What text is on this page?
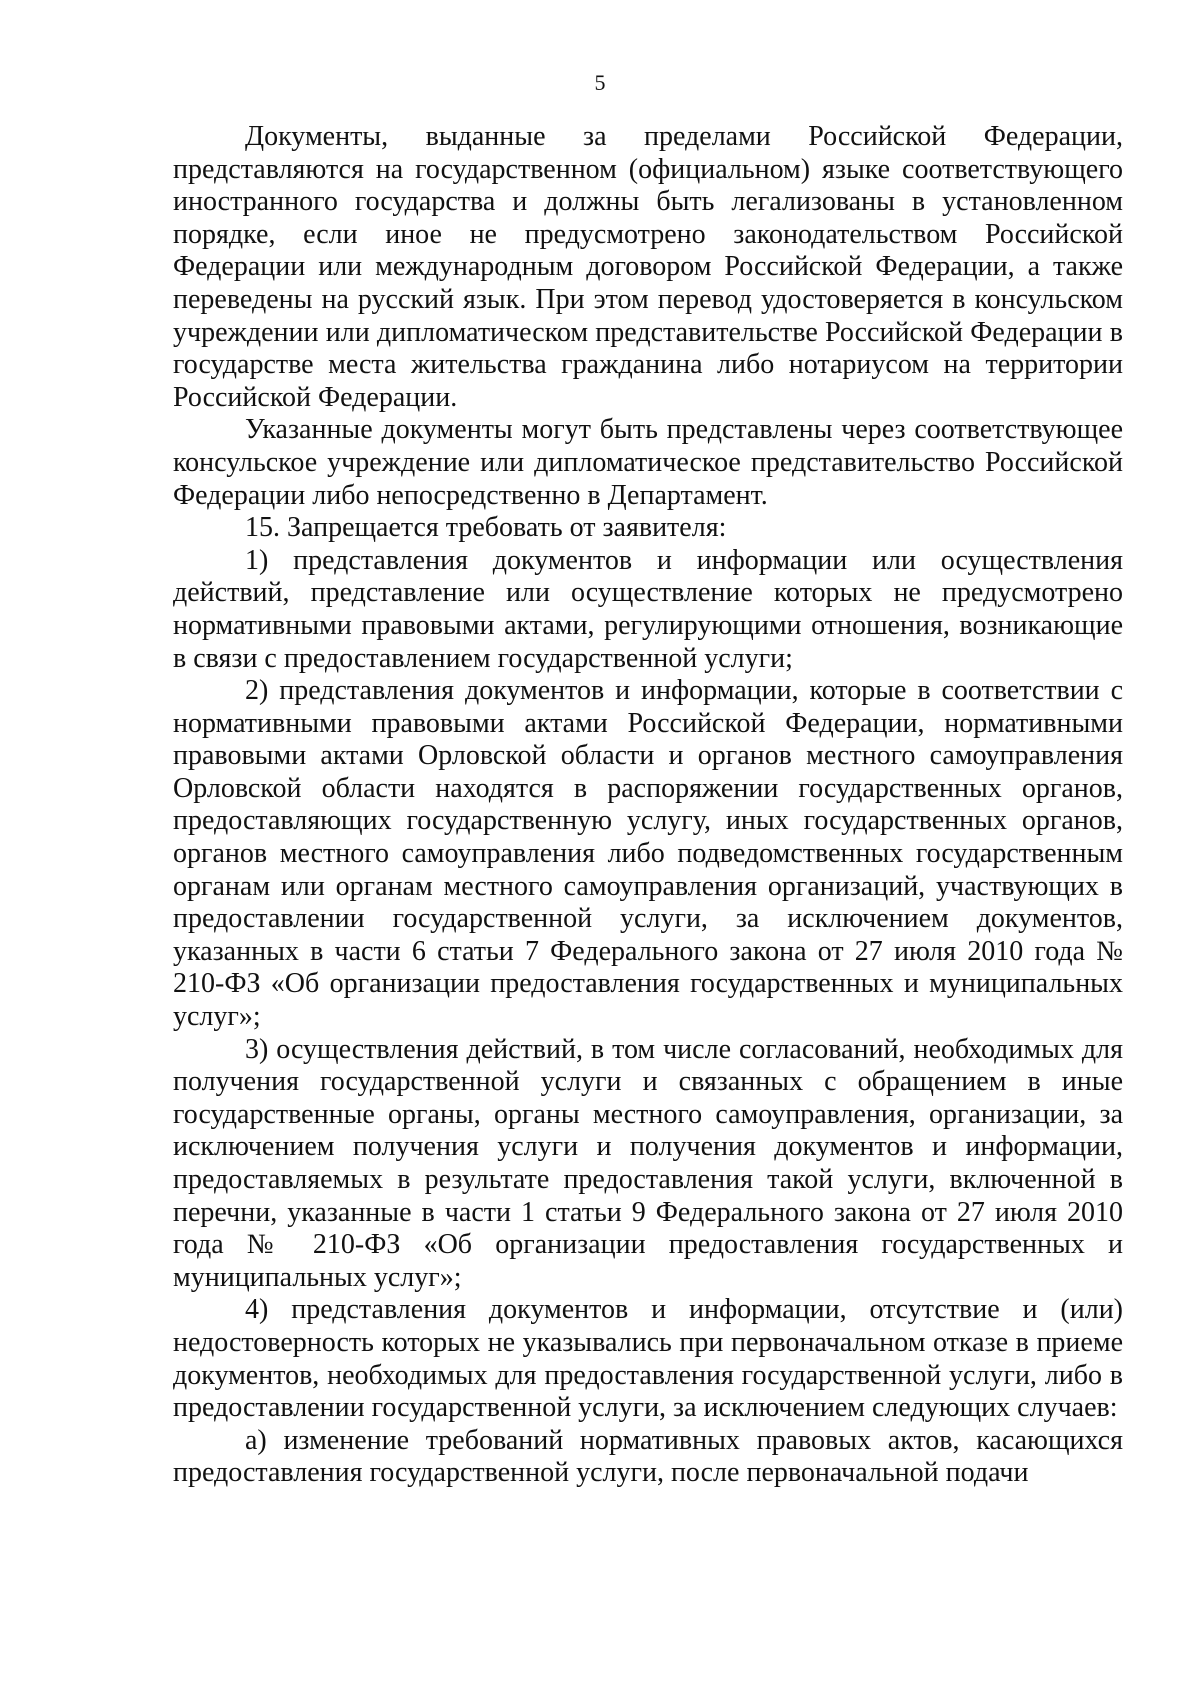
5

Документы, выданные за пределами Российской Федерации, представляются на государственном (официальном) языке соответствующего иностранного государства и должны быть легализованы в установленном порядке, если иное не предусмотрено законодательством Российской Федерации или международным договором Российской Федерации, а также переведены на русский язык. При этом перевод удостоверяется в консульском учреждении или дипломатическом представительстве Российской Федерации в государстве места жительства гражданина либо нотариусом на территории Российской Федерации.

Указанные документы могут быть представлены через соответствующее консульское учреждение или дипломатическое представительство Российской Федерации либо непосредственно в Департамент.

15. Запрещается требовать от заявителя:

1) представления документов и информации или осуществления действий, представление или осуществление которых не предусмотрено нормативными правовыми актами, регулирующими отношения, возникающие в связи с предоставлением государственной услуги;

2) представления документов и информации, которые в соответствии с нормативными правовыми актами Российской Федерации, нормативными правовыми актами Орловской области и органов местного самоуправления Орловской области находятся в распоряжении государственных органов, предоставляющих государственную услугу, иных государственных органов, органов местного самоуправления либо подведомственных государственным органам или органам местного самоуправления организаций, участвующих в предоставлении государственной услуги, за исключением документов, указанных в части 6 статьи 7 Федерального закона от 27 июля 2010 года № 210-ФЗ «Об организации предоставления государственных и муниципальных услуг»;

3) осуществления действий, в том числе согласований, необходимых для получения государственной услуги и связанных с обращением в иные государственные органы, органы местного самоуправления, организации, за исключением получения услуги и получения документов и информации, предоставляемых в результате предоставления такой услуги, включенной в перечни, указанные в части 1 статьи 9 Федерального закона от 27 июля 2010 года № 210-ФЗ «Об организации предоставления государственных и муниципальных услуг»;

4) представления документов и информации, отсутствие и (или) недостоверность которых не указывались при первоначальном отказе в приеме документов, необходимых для предоставления государственной услуги, либо в предоставлении государственной услуги, за исключением следующих случаев:

а) изменение требований нормативных правовых актов, касающихся предоставления государственной услуги, после первоначальной подачи
